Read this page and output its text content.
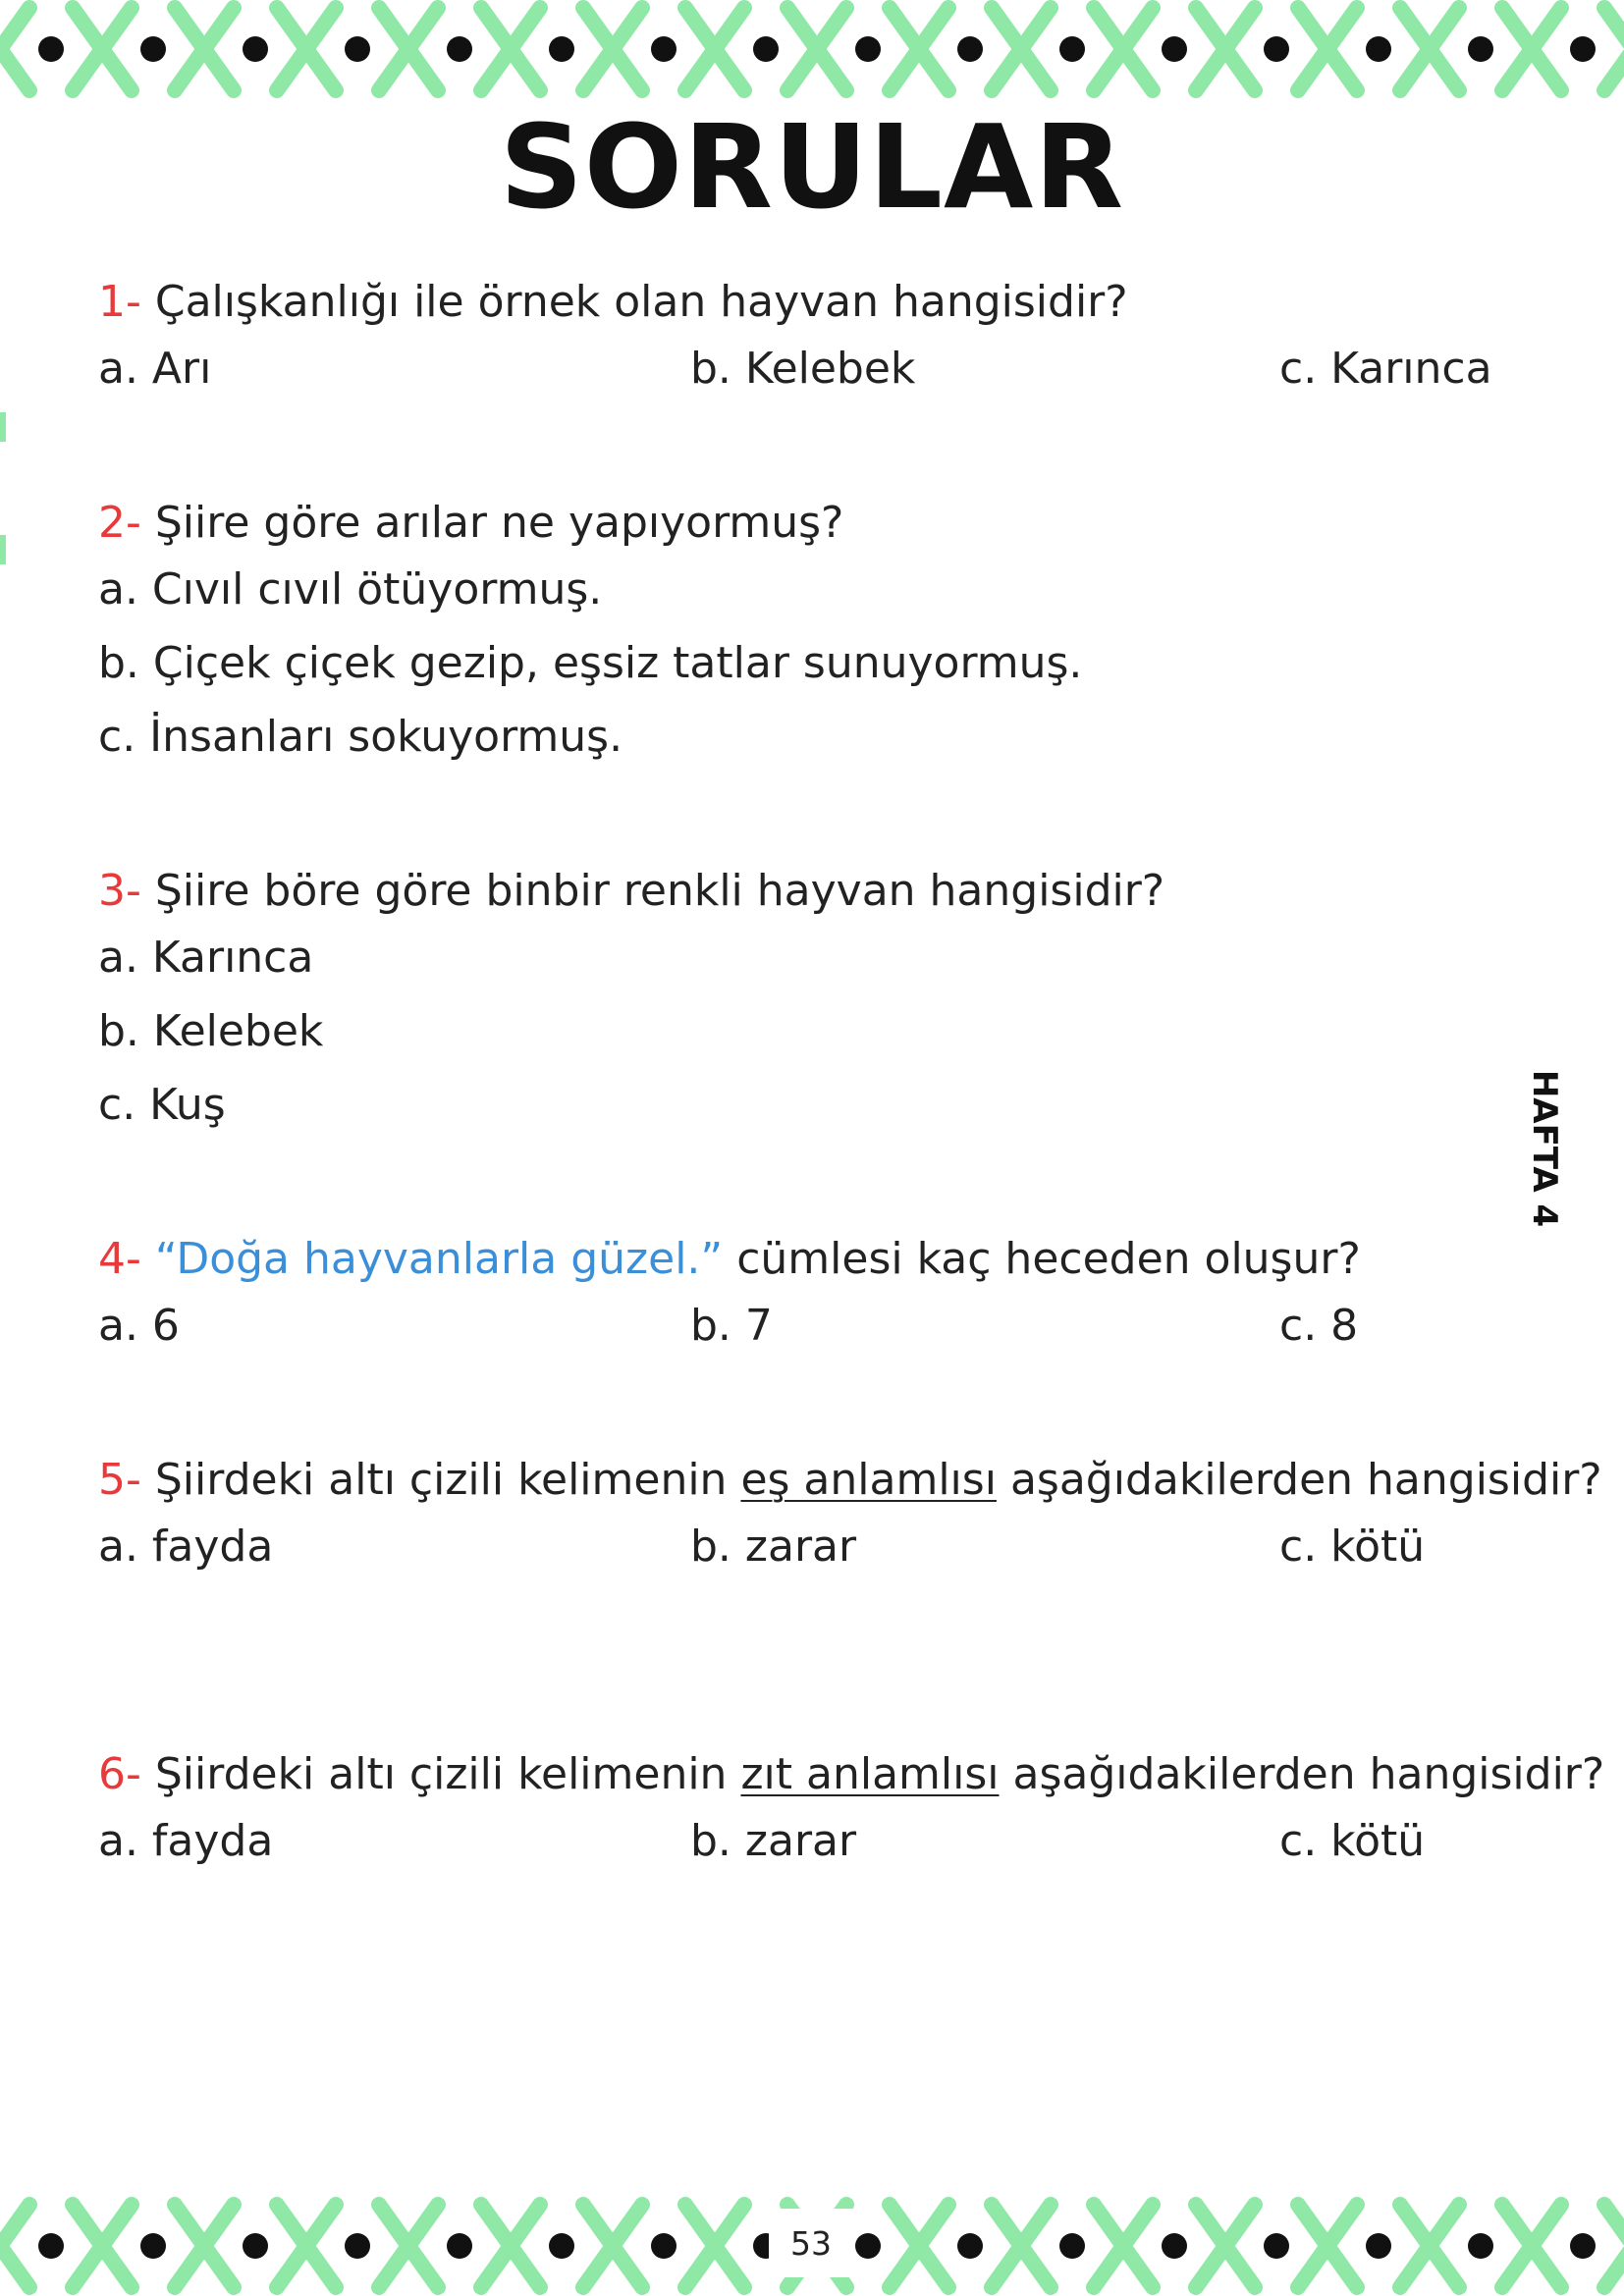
SORULAR
HAFTA 4
1- Çalışkanlığı ile örnek olan hayvan hangisidir?
a. Arı	b. Kelebek	c. Karınca
2- Şiire göre arılar ne yapıyormuş?
a. Cıvıl cıvıl ötüyormuş.
b. Çiçek çiçek gezip, eşsiz tatlar sunuyormuş.
c. İnsanları sokuyormuş.
3- Şiire böre göre binbir renkli hayvan hangisidir?
a. Karınca
b. Kelebek
c. Kuş
4- “Doğa hayvanlarla güzel.” cümlesi kaç heceden oluşur?
a. 6	b. 7	c. 8
5- Şiirdeki altı çizili kelimenin eş anlamlısı aşağıdakilerden hangisidir?
a. fayda	b. zarar	c. kötü
6- Şiirdeki altı çizili kelimenin zıt anlamlısı aşağıdakilerden hangisidir?
a. fayda	b. zarar	c. kötü
53
